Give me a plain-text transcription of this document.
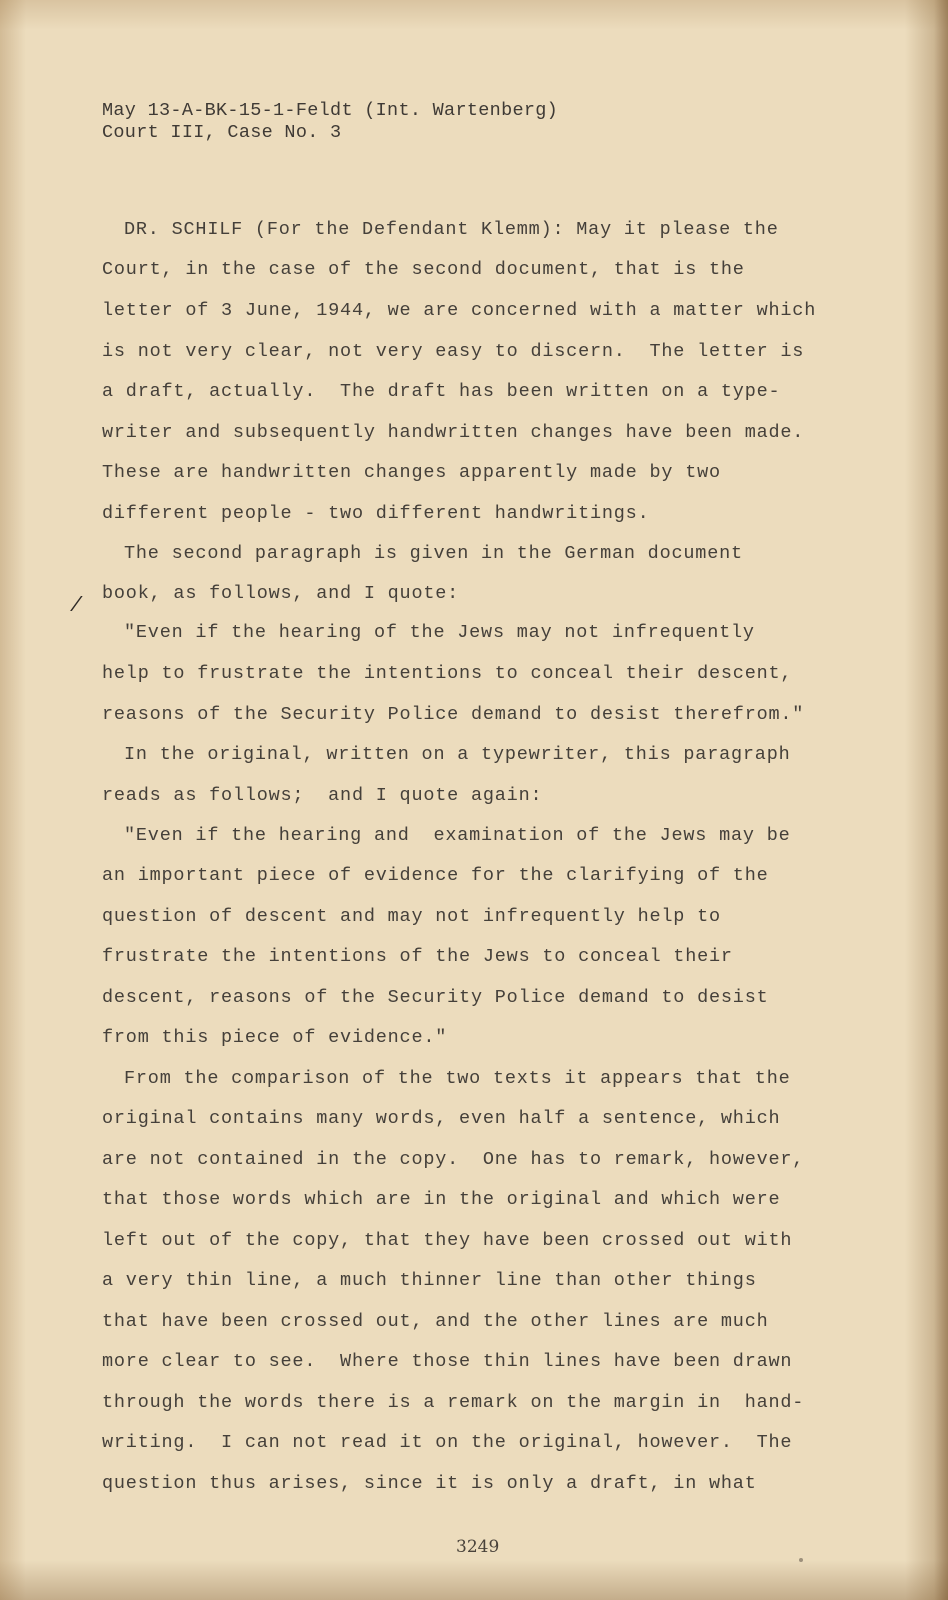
May 13-A-BK-15-1-Feldt (Int. Wartenberg)
Court III, Case No. 3
DR. SCHILF (For the Defendant Klemm): May it please the
Court, in the case of the second document, that is the
letter of 3 June, 1944, we are concerned with a matter which
is not very clear, not very easy to discern.  The letter is
a draft, actually.  The draft has been written on a type-
writer and subsequently handwritten changes have been made.
These are handwritten changes apparently made by two
different people - two different handwritings.
The second paragraph is given in the German document
book, as follows, and I quote:
"Even if the hearing of the Jews may not infrequently
help to frustrate the intentions to conceal their descent,
reasons of the Security Police demand to desist therefrom."
In the original, written on a typewriter, this paragraph
reads as follows;  and I quote again:
"Even if the hearing and  examination of the Jews may be
an important piece of evidence for the clarifying of the
question of descent and may not infrequently help to
frustrate the intentions of the Jews to conceal their
descent, reasons of the Security Police demand to desist
from this piece of evidence."
From the comparison of the two texts it appears that the
original contains many words, even half a sentence, which
are not contained in the copy.  One has to remark, however,
that those words which are in the original and which were
left out of the copy, that they have been crossed out with
a very thin line, a much thinner line than other things
that have been crossed out, and the other lines are much
more clear to see.  Where those thin lines have been drawn
through the words there is a remark on the margin in  hand-
writing.  I can not read it on the original, however.  The
question thus arises, since it is only a draft, in what
/
3249
